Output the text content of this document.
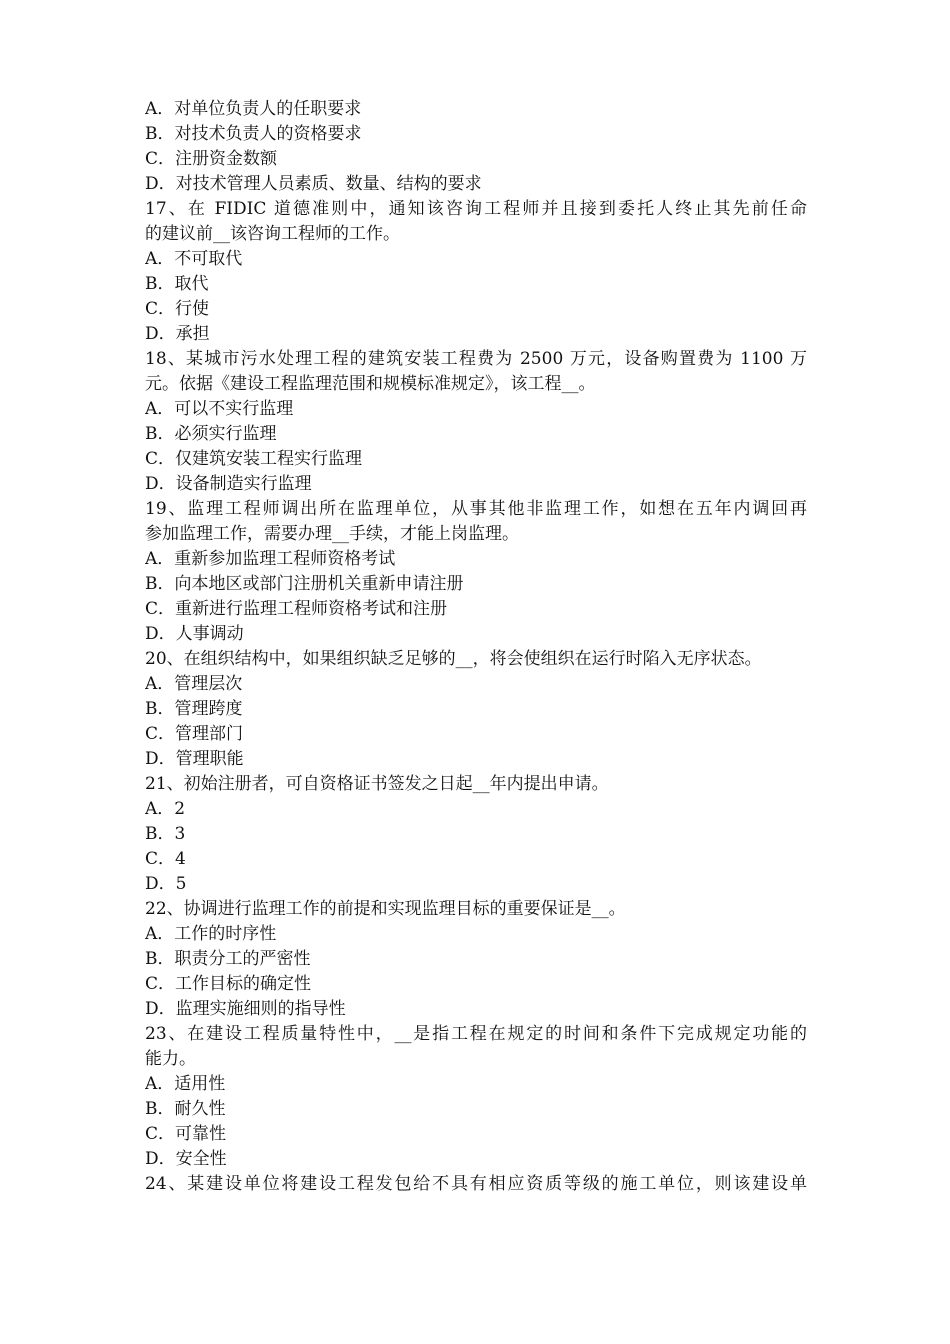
A．对单位负责人的任职要求
B．对技术负责人的资格要求
C．注册资金数额
D．对技术管理人员素质、数量、结构的要求
17、在 FIDIC 道德准则中，通知该咨询工程师并且接到委托人终止其先前任命
的建议前__该咨询工程师的工作。
A．不可取代
B．取代
C．行使
D．承担
18、某城市污水处理工程的建筑安装工程费为 2500 万元，设备购置费为 1100 万
元。依据《建设工程监理范围和规模标准规定》，该工程__。
A．可以不实行监理
B．必须实行监理
C．仅建筑安装工程实行监理
D．设备制造实行监理
19、监理工程师调出所在监理单位，从事其他非监理工作，如想在五年内调回再
参加监理工作，需要办理__手续，才能上岗监理。
A．重新参加监理工程师资格考试
B．向本地区或部门注册机关重新申请注册
C．重新进行监理工程师资格考试和注册
D．人事调动
20、在组织结构中，如果组织缺乏足够的__，将会使组织在运行时陷入无序状态。
A．管理层次
B．管理跨度
C．管理部门
D．管理职能
21、初始注册者，可自资格证书签发之日起__年内提出申请。
A．2
B．3
C．4
D．5
22、协调进行监理工作的前提和实现监理目标的重要保证是__。
A．工作的时序性
B．职责分工的严密性
C．工作目标的确定性
D．监理实施细则的指导性
23、在建设工程质量特性中，__是指工程在规定的时间和条件下完成规定功能的
能力。
A．适用性
B．耐久性
C．可靠性
D．安全性
24、某建设单位将建设工程发包给不具有相应资质等级的施工单位，则该建设单
